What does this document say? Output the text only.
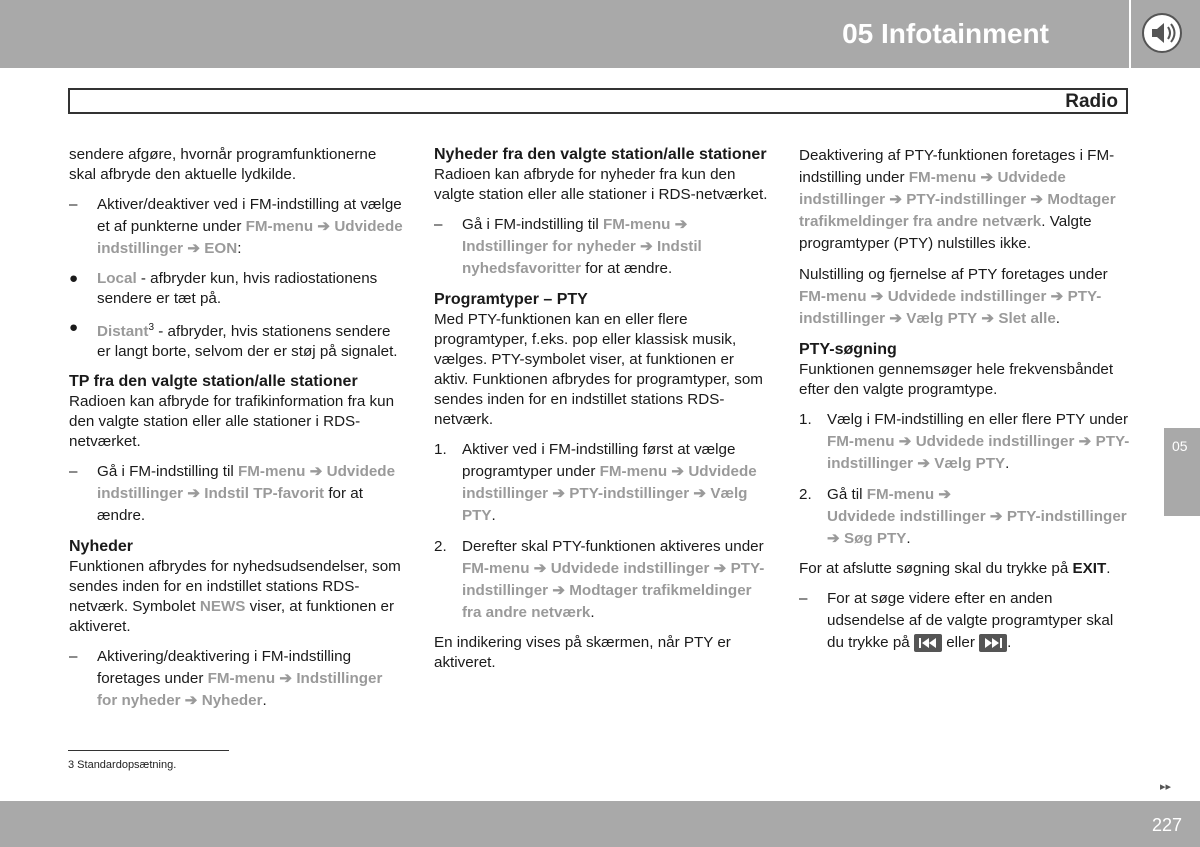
05 Infotainment
Radio

sendere afgøre, hvornår programfunktionerne skal afbryde den aktuelle lydkilde.

– Aktiver/deaktiver ved i FM-indstilling at vælge et af punkterne under FM-menu ➔ Udvidede indstillinger ➔ EON:
● Local - afbryder kun, hvis radiostationens sendere er tæt på.
● Distant$^3$ - afbryder, hvis stationens sendere er langt borte, selvom der er støj på signalet.
TP fra den valgte station/alle stationer

Radioen kan afbryde for trafikinformation fra kun den valgte station eller alle stationer i RDS-netværket.

– Gå i FM-indstilling til FM-menu ➔ Udvidede indstillinger ➔ Indstil TP-favorit for at ændre.
Nyheder

Funktionen afbrydes for nyhedsudsendelser, som sendes inden for en indstillet stations RDS-netværk. Symbolet NEWS viser, at funktionen er aktiveret.

– Aktivering/deaktivering i FM-indstilling foretages under FM-menu ➔ Indstillinger for nyheder ➔ Nyheder.
Nyheder fra den valgte station/alle stationer

Radioen kan afbryde for nyheder fra kun den valgte station eller alle stationer i RDS-netværket.

– Gå i FM-indstilling til FM-menu ➔ Indstillinger for nyheder ➔ Indstil nyhedsfavoritter for at ændre.
Programtyper – PTY

Med PTY-funktionen kan en eller flere programtyper, f.eks. pop eller klassisk musik, vælges. PTY-symbolet viser, at funktionen er aktiv. Funktionen afbrydes for programtyper, som sendes inden for en indstillet stations RDS-netværk.

1. Aktiver ved i FM-indstilling først at vælge programtyper under FM-menu ➔ Udvidede indstillinger ➔ PTY-indstillinger ➔ Vælg PTY.
2. Derefter skal PTY-funktionen aktiveres under FM-menu ➔ Udvidede indstillinger ➔ PTY-indstillinger ➔ Modtager trafikmeldinger fra andre netværk.

En indikering vises på skærmen, når PTY er aktiveret.

Deaktivering af PTY-funktionen foretages i FM-indstilling under FM-menu ➔ Udvidede indstillinger ➔ PTY-indstillinger ➔ Modtager trafikmeldinger fra andre netværk. Valgte programtyper (PTY) nulstilles ikke.

Nulstilling og fjernelse af PTY foretages under FM-menu ➔ Udvidede indstillinger ➔ PTY-indstillinger ➔ Vælg PTY ➔ Slet alle.

PTY-søgning

Funktionen gennemsøger hele frekvensbåndet efter den valgte programtype.

1. Vælg i FM-indstilling en eller flere PTY under FM-menu ➔ Udvidede indstillinger ➔ PTY-indstillinger ➔ Vælg PTY.
2. Gå til FM-menu ➔
Udvidede indstillinger ➔ PTY-indstillinger ➔ Søg PTY.

For at afslutte søgning skal du trykke på EXIT.

– For at søge videre efter en anden udsendelse af de valgte programtyper skal du trykke på
eller
.
05
3 Standardopsætning.
▸▸
227
